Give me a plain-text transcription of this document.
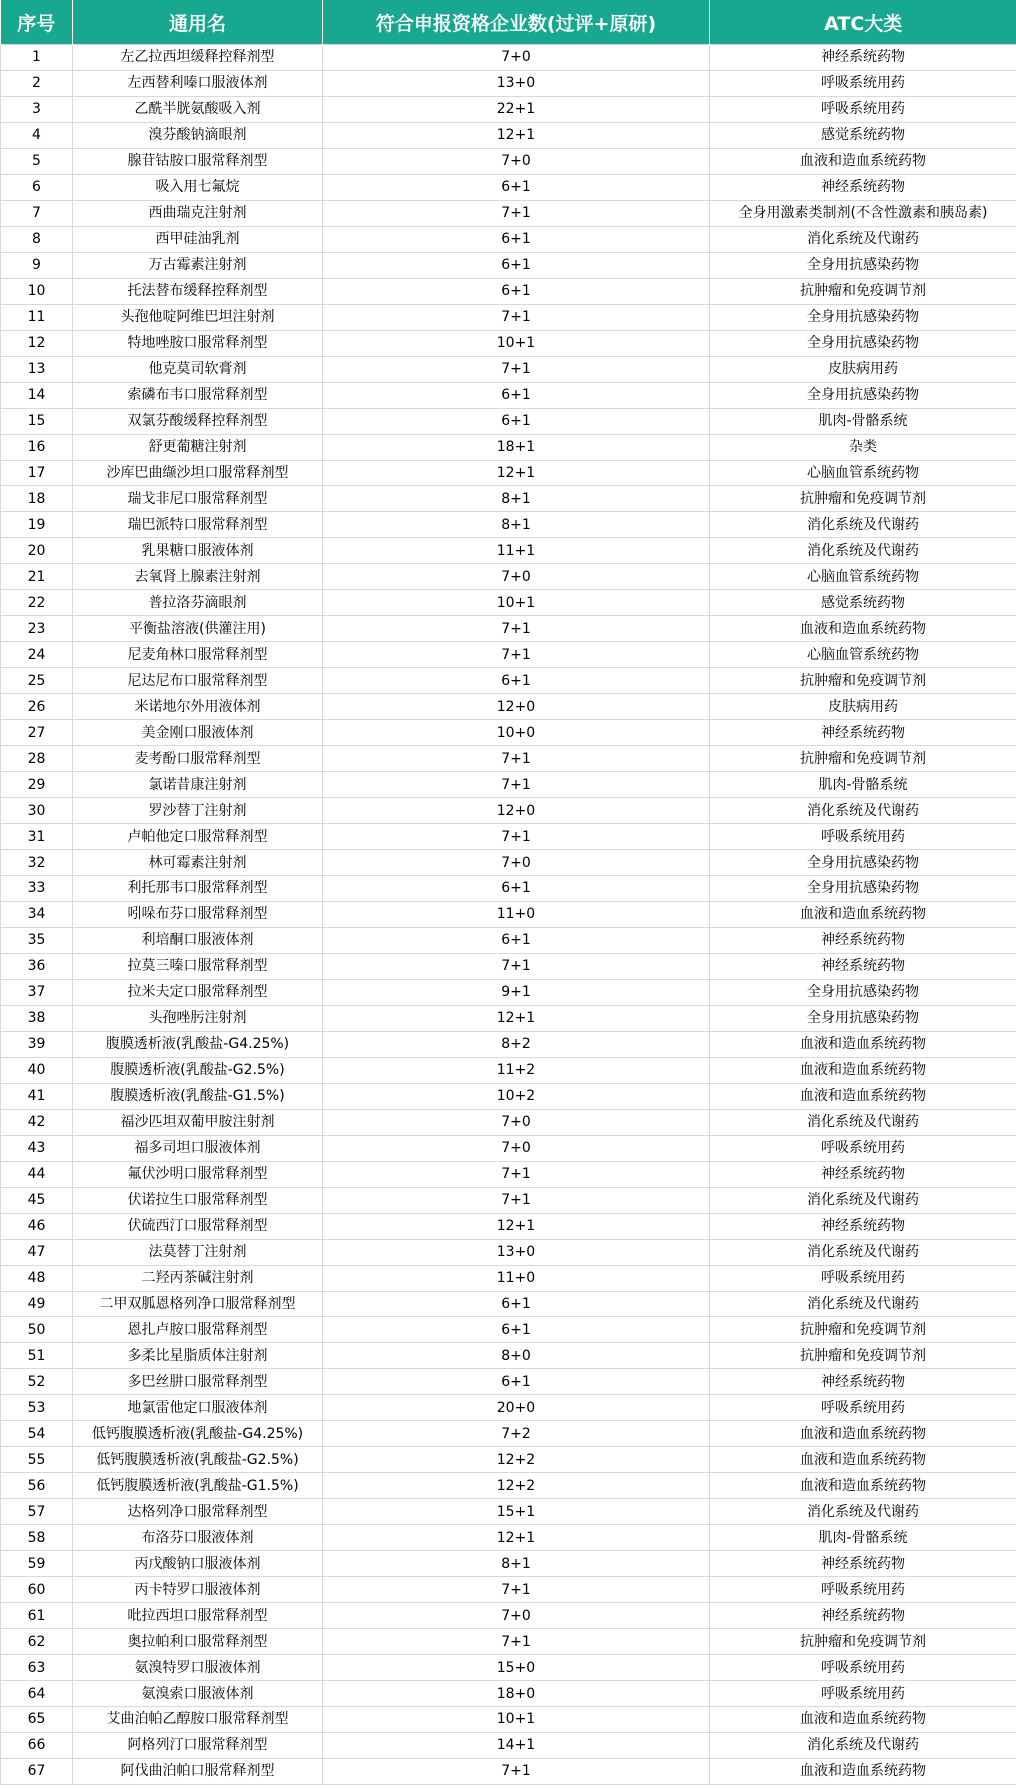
序号	通用名	符合申报资格企业数(过评+原研)	ATC大类
1	左乙拉西坦缓释控释剂型	7+0	神经系统药物
2	左西替利嗪口服液体剂	13+0	呼吸系统用药
3	乙酰半胱氨酸吸入剂	22+1	呼吸系统用药
4	溴芬酸钠滴眼剂	12+1	感觉系统药物
5	腺苷钴胺口服常释剂型	7+0	血液和造血系统药物
6	吸入用七氟烷	6+1	神经系统药物
7	西曲瑞克注射剂	7+1	全身用激素类制剂(不含性激素和胰岛素)
8	西甲硅油乳剂	6+1	消化系统及代谢药
9	万古霉素注射剂	6+1	全身用抗感染药物
10	托法替布缓释控释剂型	6+1	抗肿瘤和免疫调节剂
11	头孢他啶阿维巴坦注射剂	7+1	全身用抗感染药物
12	特地唑胺口服常释剂型	10+1	全身用抗感染药物
13	他克莫司软膏剂	7+1	皮肤病用药
14	索磷布韦口服常释剂型	6+1	全身用抗感染药物
15	双氯芬酸缓释控释剂型	6+1	肌肉-骨骼系统
16	舒更葡糖注射剂	18+1	杂类
17	沙库巴曲缬沙坦口服常释剂型	12+1	心脑血管系统药物
18	瑞戈非尼口服常释剂型	8+1	抗肿瘤和免疫调节剂
19	瑞巴派特口服常释剂型	8+1	消化系统及代谢药
20	乳果糖口服液体剂	11+1	消化系统及代谢药
21	去氧肾上腺素注射剂	7+0	心脑血管系统药物
22	普拉洛芬滴眼剂	10+1	感觉系统药物
23	平衡盐溶液(供灌注用)	7+1	血液和造血系统药物
24	尼麦角林口服常释剂型	7+1	心脑血管系统药物
25	尼达尼布口服常释剂型	6+1	抗肿瘤和免疫调节剂
26	米诺地尔外用液体剂	12+0	皮肤病用药
27	美金刚口服液体剂	10+0	神经系统药物
28	麦考酚口服常释剂型	7+1	抗肿瘤和免疫调节剂
29	氯诺昔康注射剂	7+1	肌肉-骨骼系统
30	罗沙替丁注射剂	12+0	消化系统及代谢药
31	卢帕他定口服常释剂型	7+1	呼吸系统用药
32	林可霉素注射剂	7+0	全身用抗感染药物
33	利托那韦口服常释剂型	6+1	全身用抗感染药物
34	吲哚布芬口服常释剂型	11+0	血液和造血系统药物
35	利培酮口服液体剂	6+1	神经系统药物
36	拉莫三嗪口服常释剂型	7+1	神经系统药物
37	拉米夫定口服常释剂型	9+1	全身用抗感染药物
38	头孢唑肟注射剂	12+1	全身用抗感染药物
39	腹膜透析液(乳酸盐-G4.25%)	8+2	血液和造血系统药物
40	腹膜透析液(乳酸盐-G2.5%)	11+2	血液和造血系统药物
41	腹膜透析液(乳酸盐-G1.5%)	10+2	血液和造血系统药物
42	福沙匹坦双葡甲胺注射剂	7+0	消化系统及代谢药
43	福多司坦口服液体剂	7+0	呼吸系统用药
44	氟伏沙明口服常释剂型	7+1	神经系统药物
45	伏诺拉生口服常释剂型	7+1	消化系统及代谢药
46	伏硫西汀口服常释剂型	12+1	神经系统药物
47	法莫替丁注射剂	13+0	消化系统及代谢药
48	二羟丙茶碱注射剂	11+0	呼吸系统用药
49	二甲双胍恩格列净口服常释剂型	6+1	消化系统及代谢药
50	恩扎卢胺口服常释剂型	6+1	抗肿瘤和免疫调节剂
51	多柔比星脂质体注射剂	8+0	抗肿瘤和免疫调节剂
52	多巴丝肼口服常释剂型	6+1	神经系统药物
53	地氯雷他定口服液体剂	20+0	呼吸系统用药
54	低钙腹膜透析液(乳酸盐-G4.25%)	7+2	血液和造血系统药物
55	低钙腹膜透析液(乳酸盐-G2.5%)	12+2	血液和造血系统药物
56	低钙腹膜透析液(乳酸盐-G1.5%)	12+2	血液和造血系统药物
57	达格列净口服常释剂型	15+1	消化系统及代谢药
58	布洛芬口服液体剂	12+1	肌肉-骨骼系统
59	丙戊酸钠口服液体剂	8+1	神经系统药物
60	丙卡特罗口服液体剂	7+1	呼吸系统用药
61	吡拉西坦口服常释剂型	7+0	神经系统药物
62	奥拉帕利口服常释剂型	7+1	抗肿瘤和免疫调节剂
63	氨溴特罗口服液体剂	15+0	呼吸系统用药
64	氨溴索口服液体剂	18+0	呼吸系统用药
65	艾曲泊帕乙醇胺口服常释剂型	10+1	血液和造血系统药物
66	阿格列汀口服常释剂型	14+1	消化系统及代谢药
67	阿伐曲泊帕口服常释剂型	7+1	血液和造血系统药物
